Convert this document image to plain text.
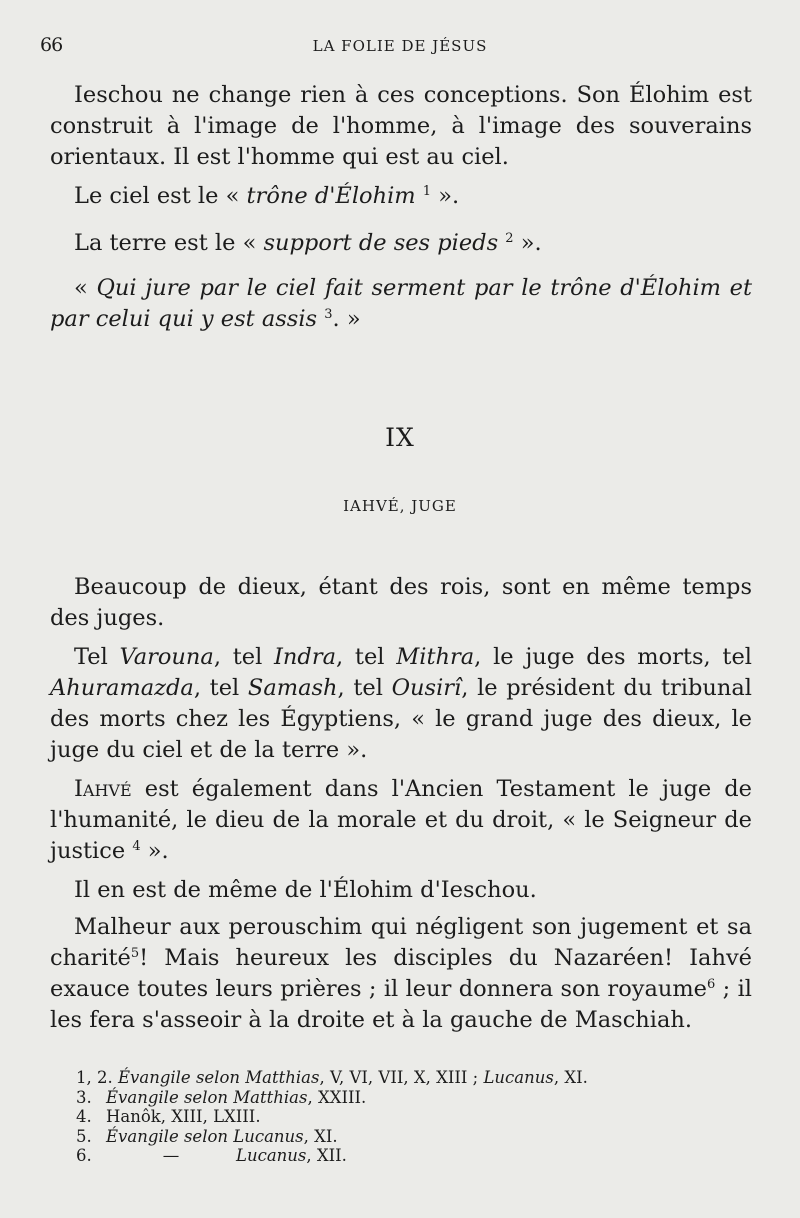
66	LA FOLIE DE JÉSUS

Ieschou ne change rien à ces conceptions. Son Élohim est construit à l'image de l'homme, à l'image des souverains orientaux. Il est l'homme qui est au ciel.

Le ciel est le « trône d'Élohim $^1$ ».

La terre est le « support de ses pieds $^2$ ».

« Qui jure par le ciel fait serment par le trône d'Élohim et par celui qui y est assis $^3$. »

IX
IAHVÉ, JUGE

Beaucoup de dieux, étant des rois, sont en même temps des juges.

Tel Varouna, tel Indra, tel Mithra, le juge des morts, tel Ahuramazda, tel Samash, tel Ousirî, le président du tribunal des morts chez les Égyptiens, « le grand juge des dieux, le juge du ciel et de la terre ».

Iahvé est également dans l'Ancien Testament le juge de l'humanité, le dieu de la morale et du droit, « le Seigneur de justice $^4$ ».

Il en est de même de l'Élohim d'Ieschou.

Malheur aux perouschim qui négligent son jugement et sa charité$^5$! Mais heureux les disciples du Nazaréen! Iahvé exauce toutes leurs prières ; il leur donnera son royaume$^6$ ; il les fera s'asseoir à la droite et à la gauche de Maschiah.

1, 2. Évangile selon Matthias, V, VI, VII, X, XIII ; Lucanus, XI.
3.Évangile selon Matthias, XXIII.
4.Hanôk, XIII, LXIII.
5.Évangile selon Lucanus, XI.
6.	—	Lucanus, XII.
